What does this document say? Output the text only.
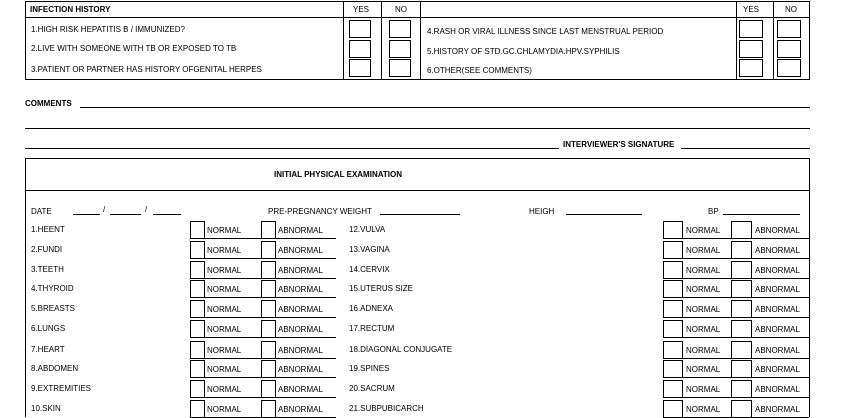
INFECTION HISTORY	YES	NO	YES	NO
1.HIGH RISK HEPATITIS B / IMMUNIZED?
2.LIVE WITH SOMEONE WITH TB OR EXPOSED TO TB
3.PATIENT OR PARTNER HAS HISTORY OFGENITAL HERPES
4.RASH OR VIRAL ILLNESS SINCE LAST MENSTRUAL PERIOD
5.HISTORY OF STD.GC.CHLAMYDIA.HPV.SYPHILIS
6.OTHER(SEE COMMENTS)
COMMENTS
INTERVIEWER'S SIGNATURE
INITIAL PHYSICAL EXAMINATION
DATE	/	/	PRE-PREGNANCY WEIGHT	HEIGH	BP
1.HEENT	NORMAL	ABNORMAL	12.VULVA	NORMAL	ABNORMAL
2.FUNDI	NORMAL	ABNORMAL	13.VAGINA	NORMAL	ABNORMAL
3.TEETH	NORMAL	ABNORMAL	14.CERVIX	NORMAL	ABNORMAL
4.THYROID	NORMAL	ABNORMAL	15.UTERUS SIZE	NORMAL	ABNORMAL
5.BREASTS	NORMAL	ABNORMAL	16.ADNEXA	NORMAL	ABNORMAL
6.LUNGS	NORMAL	ABNORMAL	17.RECTUM	NORMAL	ABNORMAL
7.HEART	NORMAL	ABNORMAL	18.DIAGONAL CONJUGATE	NORMAL	ABNORMAL
8.ABDOMEN	NORMAL	ABNORMAL	19.SPINES	NORMAL	ABNORMAL
9.EXTREMITIES	NORMAL	ABNORMAL	20.SACRUM	NORMAL	ABNORMAL
10.SKIN	NORMAL	ABNORMAL	21.SUBPUBICARCH	NORMAL	ABNORMAL
